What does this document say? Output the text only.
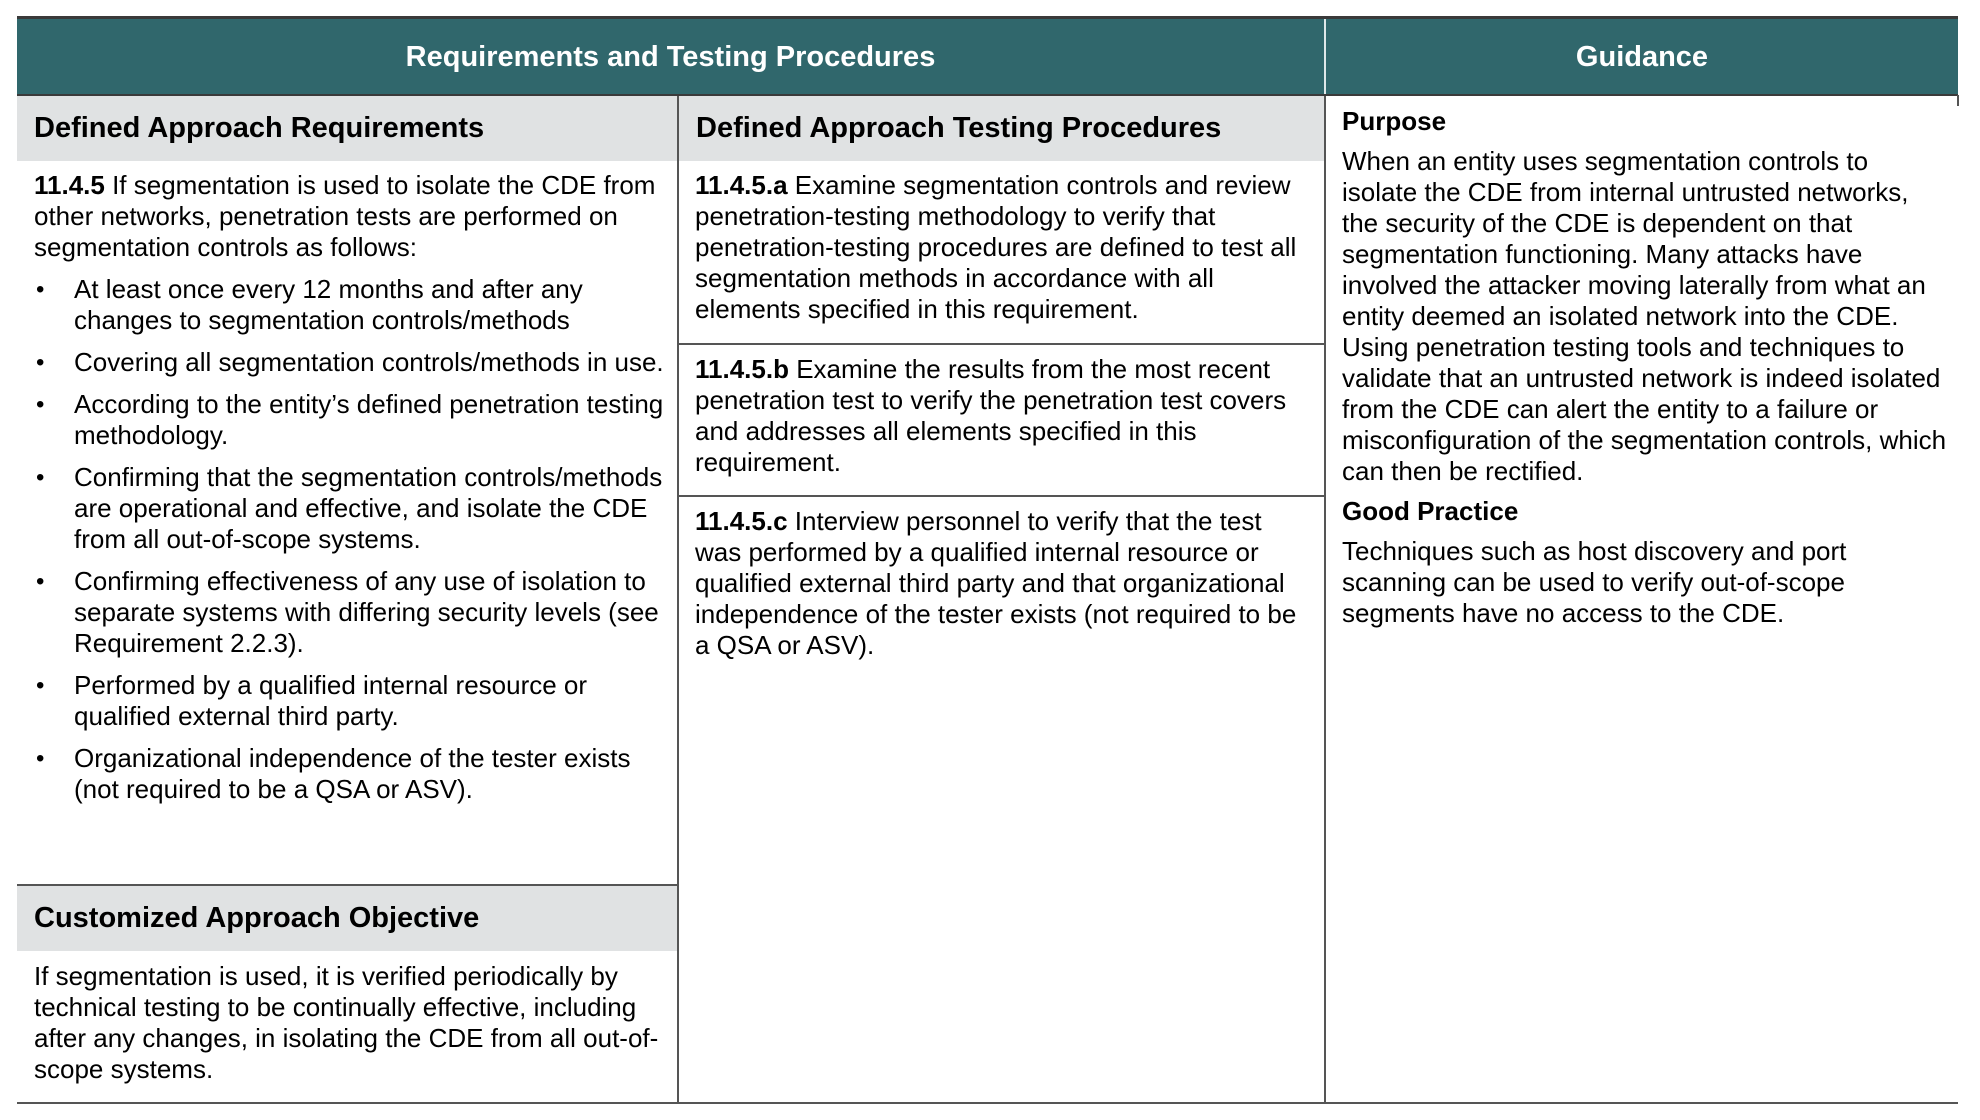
Requirements and Testing Procedures	Guidance
Defined Approach Requirements	Defined Approach Testing Procedures
11.4.5 If segmentation is used to isolate the CDE from other networks, penetration tests are performed on segmentation controls as follows:
• At least once every 12 months and after any changes to segmentation controls/methods
• Covering all segmentation controls/methods in use.
• According to the entity’s defined penetration testing methodology.
• Confirming that the segmentation controls/methods are operational and effective, and isolate the CDE from all out-of-scope systems.
• Confirming effectiveness of any use of isolation to separate systems with differing security levels (see Requirement 2.2.3).
• Performed by a qualified internal resource or qualified external third party.
• Organizational independence of the tester exists (not required to be a QSA or ASV).
Customized Approach Objective
If segmentation is used, it is verified periodically by technical testing to be continually effective, including after any changes, in isolating the CDE from all out-of-scope systems.
11.4.5.a Examine segmentation controls and review penetration-testing methodology to verify that penetration-testing procedures are defined to test all segmentation methods in accordance with all elements specified in this requirement.
11.4.5.b Examine the results from the most recent penetration test to verify the penetration test covers and addresses all elements specified in this requirement.
11.4.5.c Interview personnel to verify that the test was performed by a qualified internal resource or qualified external third party and that organizational independence of the tester exists (not required to be a QSA or ASV).
Purpose
When an entity uses segmentation controls to isolate the CDE from internal untrusted networks, the security of the CDE is dependent on that segmentation functioning. Many attacks have involved the attacker moving laterally from what an entity deemed an isolated network into the CDE. Using penetration testing tools and techniques to validate that an untrusted network is indeed isolated from the CDE can alert the entity to a failure or misconfiguration of the segmentation controls, which can then be rectified.
Good Practice
Techniques such as host discovery and port scanning can be used to verify out-of-scope segments have no access to the CDE.
